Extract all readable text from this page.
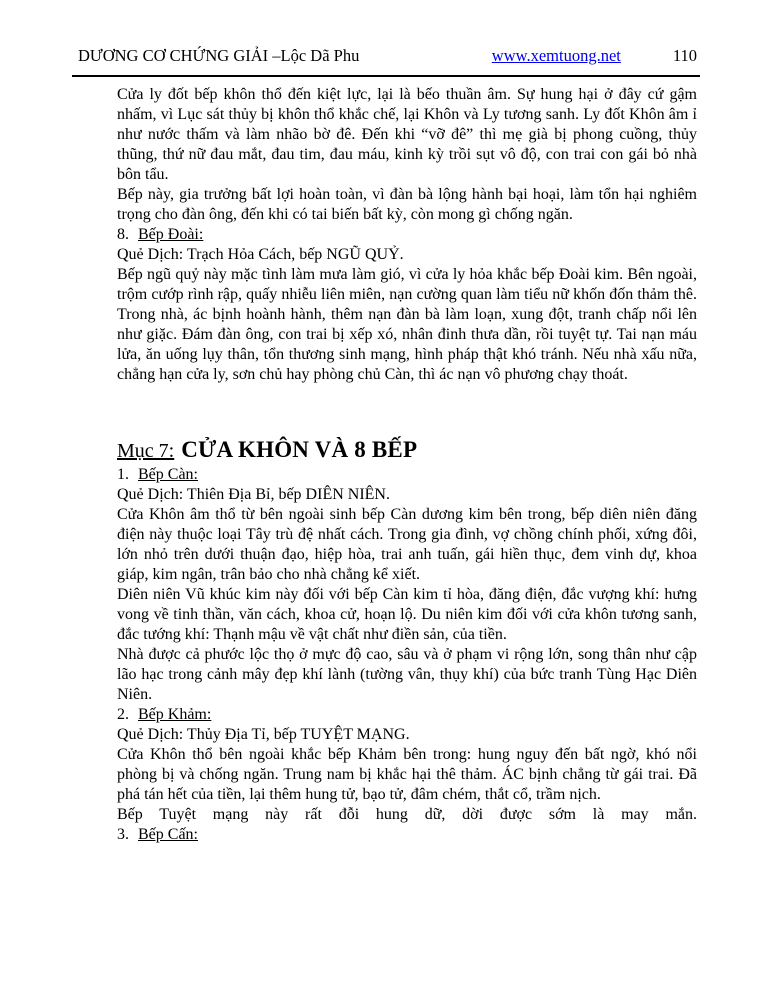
DƯƠNG CƠ CHỨNG GIẢI –Lộc Dã Phu	www.xemtuong.net	110

Cửa ly đốt bếp khôn thổ đến kiệt lực, lại là bếo thuần âm. Sự hung hại ở đây cứ gậm nhấm, vì Lục sát thủy bị khôn thổ khắc chế, lại Khôn và Ly tương sanh. Ly đốt Khôn âm ỉ như nước thấm và làm nhão bờ đê. Đến khi “vỡ đê” thì mẹ già bị phong cuồng, thủy thũng, thứ nữ đau mắt, đau tim, đau máu, kinh kỳ trồi sụt vô độ, con trai con gái bỏ nhà bôn tẩu.

Bếp này, gia trưởng bất lợi hoàn toàn, vì đàn bà lộng hành bại hoại, làm tổn hại nghiêm trọng cho đàn ông, đến khi có tai biến bất kỳ, còn mong gì chống ngăn.

8. Bếp Đoài:

Quẻ Dịch: Trạch Hỏa Cách, bếp NGŨ QUỶ.

Bếp ngũ quỷ này mặc tình làm mưa làm gió, vì cửa ly hỏa khắc bếp Đoài kim. Bên ngoài, trộm cướp rình rập, quấy nhiễu liên miên, nạn cường quan làm tiểu nữ khốn đốn thảm thê. Trong nhà, ác bịnh hoành hành, thêm nạn đàn bà làm loạn, xung đột, tranh chấp nổi lên như giặc. Đám đàn ông, con trai bị xếp xó, nhân đinh thưa dần, rồi tuyệt tự. Tai nạn máu lửa, ăn uống lụy thân, tổn thương sinh mạng, hình pháp thật khó tránh. Nếu nhà xấu nữa, chẳng hạn cửa ly, sơn chủ hay phòng chủ Càn, thì ác nạn vô phương chạy thoát.

Mục 7: CỬA KHÔN VÀ 8 BẾP

1. Bếp Càn:

Quẻ Dịch: Thiên Địa Bỉ, bếp DIÊN NIÊN.

Cửa Khôn âm thổ từ bên ngoài sinh bếp Càn dương kim bên trong, bếp diên niên đăng điện này thuộc loại Tây trù đệ nhất cách. Trong gia đình, vợ chồng chính phối, xứng đôi, lớn nhỏ trên dưới thuận đạo, hiệp hòa, trai anh tuấn, gái hiền thục, đem vinh dự, khoa giáp, kim ngân, trân bảo cho nhà chẳng kể xiết.

Diên niên Vũ khúc kim này đối với bếp Càn kim tỉ hòa, đăng điện, đắc vượng khí: hưng vong về tinh thần, văn cách, khoa cử, hoạn lộ. Du niên kim đối với cửa khôn tương sanh, đắc tướng khí: Thạnh mậu về vật chất như điền sản, của tiền.

Nhà được cả phước lộc thọ ở mực độ cao, sâu và ở phạm vi rộng lớn, song thân như cập lão hạc trong cảnh mây đẹp khí lành (tường vân, thụy khí) của bức tranh Tùng Hạc Diên Niên.

2. Bếp Khảm:

Quẻ Dịch: Thủy Địa Tỉ, bếp TUYỆT MẠNG.

Cửa Khôn thổ bên ngoài khắc bếp Khảm bên trong: hung nguy đến bất ngờ, khó nổi phòng bị và chống ngăn. Trung nam bị khắc hại thê thảm. ÁC bịnh chẳng từ gái trai. Đã phá tán hết của tiền, lại thêm hung tử, bạo tử, đâm chém, thắt cổ, trầm nịch.

Bếp Tuyệt mạng này rất đỗi hung dữ, dời được sớm là may mắn.

3. Bếp Cấn:
